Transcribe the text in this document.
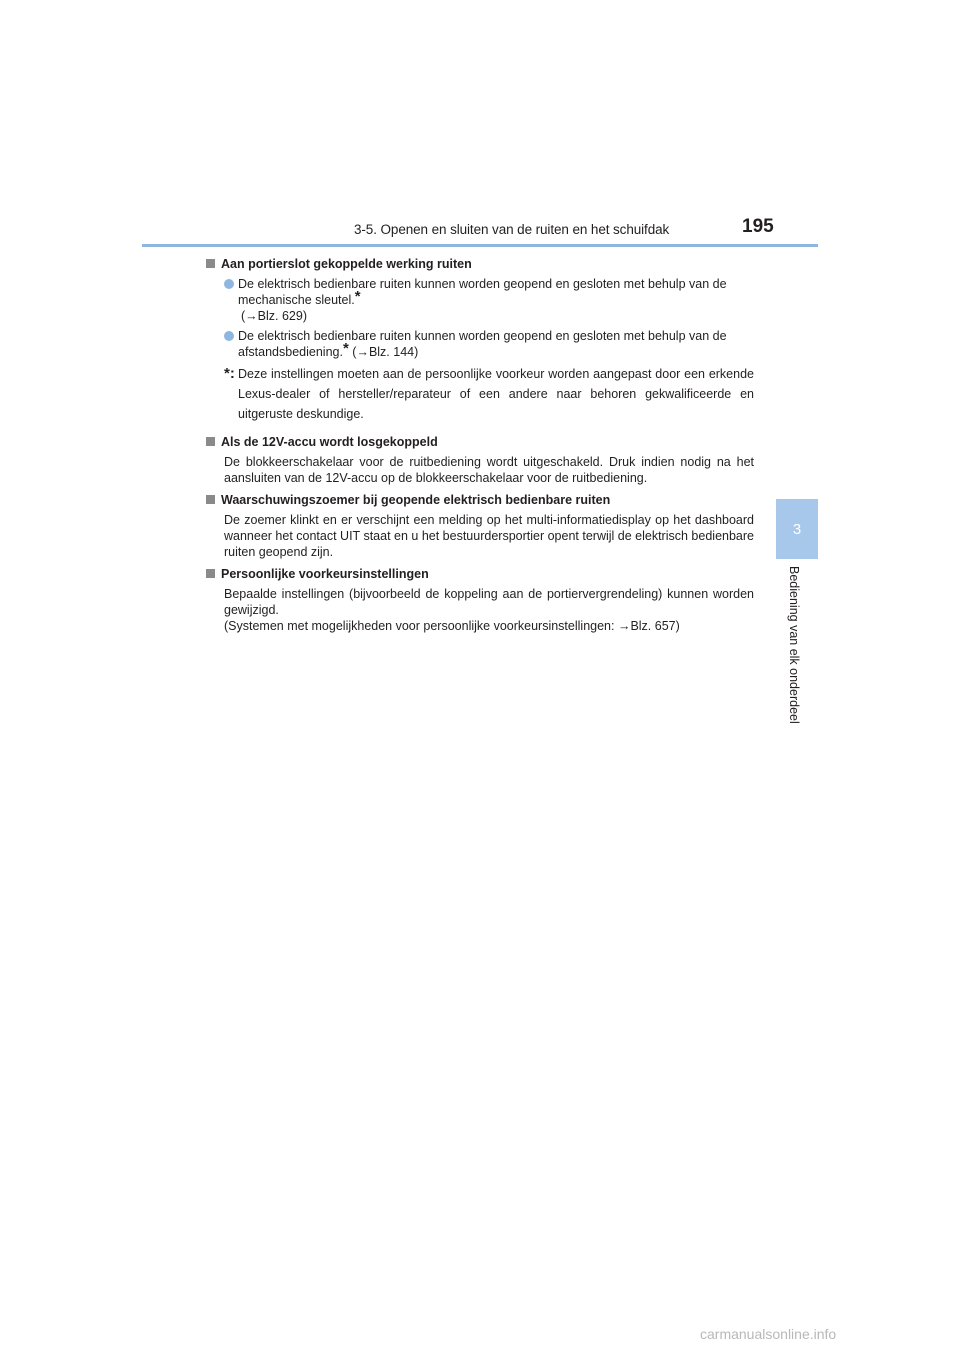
3-5. Openen en sluiten van de ruiten en het schuifdak	195
3
Bediening van elk onderdeel
Aan portierslot gekoppelde werking ruiten
De elektrisch bedienbare ruiten kunnen worden geopend en gesloten met behulp van de mechanische sleutel.*
(→Blz. 629)
De elektrisch bedienbare ruiten kunnen worden geopend en gesloten met behulp van de afstandsbediening.* (→Blz. 144)
*: Deze instellingen moeten aan de persoonlijke voorkeur worden aangepast door een erkende Lexus-dealer of hersteller/reparateur of een andere naar behoren gekwalificeerde en uitgeruste deskundige.
Als de 12V-accu wordt losgekoppeld
De blokkeerschakelaar voor de ruitbediening wordt uitgeschakeld. Druk indien nodig na het aansluiten van de 12V-accu op de blokkeerschakelaar voor de ruitbediening.
Waarschuwingszoemer bij geopende elektrisch bedienbare ruiten
De zoemer klinkt en er verschijnt een melding op het multi-informatiedisplay op het dashboard wanneer het contact UIT staat en u het bestuurdersportier opent terwijl de elektrisch bedienbare ruiten geopend zijn.
Persoonlijke voorkeursinstellingen
Bepaalde instellingen (bijvoorbeeld de koppeling aan de portiervergrendeling) kunnen worden gewijzigd.
(Systemen met mogelijkheden voor persoonlijke voorkeursinstellingen: →Blz. 657)
carmanualsonline.info
